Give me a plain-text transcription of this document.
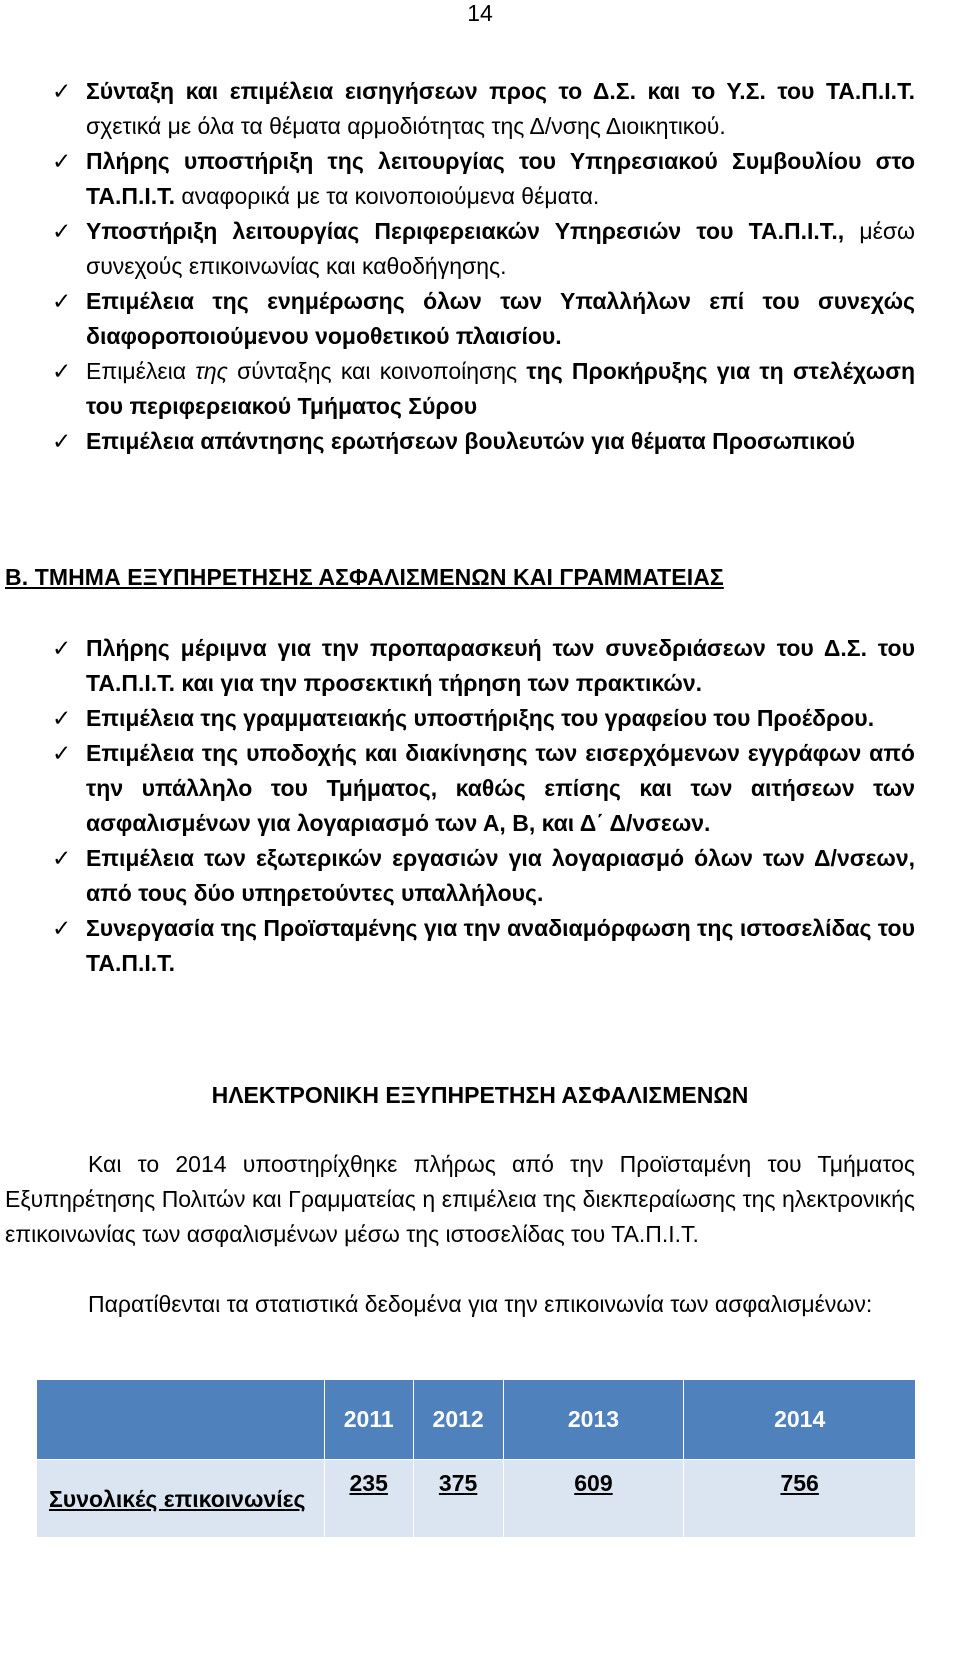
14
✓ Σύνταξη και επιμέλεια εισηγήσεων προς το Δ.Σ. και το Υ.Σ. του ΤΑ.Π.Ι.Τ. σχετικά με όλα τα θέματα αρμοδιότητας της Δ/νσης Διοικητικού.
✓ Πλήρης υποστήριξη της λειτουργίας του Υπηρεσιακού Συμβουλίου στο ΤΑ.Π.Ι.Τ. αναφορικά με τα κοινοποιούμενα θέματα.
✓ Υποστήριξη λειτουργίας Περιφερειακών Υπηρεσιών του ΤΑ.Π.Ι.Τ., μέσω συνεχούς επικοινωνίας και καθοδήγησης.
✓ Επιμέλεια της ενημέρωσης όλων των Υπαλλήλων επί του συνεχώς διαφοροποιούμενου νομοθετικού πλαισίου.
✓ Επιμέλεια της σύνταξης και κοινοποίησης της Προκήρυξης για τη στελέχωση του περιφερειακού Τμήματος Σύρου
✓ Επιμέλεια απάντησης ερωτήσεων βουλευτών για θέματα Προσωπικού
Β. ΤΜΗΜΑ ΕΞΥΠΗΡΕΤΗΣΗΣ ΑΣΦΑΛΙΣΜΕΝΩΝ ΚΑΙ ΓΡΑΜΜΑΤΕΙΑΣ
✓ Πλήρης μέριμνα για την προπαρασκευή των συνεδριάσεων του Δ.Σ. του ΤΑ.Π.Ι.Τ. και για την προσεκτική τήρηση των πρακτικών.
✓ Επιμέλεια της γραμματειακής υποστήριξης του γραφείου του Προέδρου.
✓ Επιμέλεια της υποδοχής και διακίνησης των εισερχόμενων εγγράφων από την υπάλληλο του Τμήματος, καθώς επίσης και των αιτήσεων των ασφαλισμένων για λογαριασμό των Α, Β, και Δ΄ Δ/νσεων.
✓ Επιμέλεια των εξωτερικών εργασιών για λογαριασμό όλων των Δ/νσεων, από τους δύο υπηρετούντες υπαλλήλους.
✓ Συνεργασία της Προϊσταμένης για την αναδιαμόρφωση της ιστοσελίδας του ΤΑ.Π.Ι.Τ.
ΗΛΕΚΤΡΟΝΙΚΗ ΕΞΥΠΗΡΕΤΗΣΗ ΑΣΦΑΛΙΣΜΕΝΩΝ
Και το 2014 υποστηρίχθηκε πλήρως από την Προϊσταμένη του Τμήματος Εξυπηρέτησης Πολιτών και Γραμματείας η επιμέλεια της διεκπεραίωσης της ηλεκτρονικής επικοινωνίας των ασφαλισμένων μέσω της ιστοσελίδας του ΤΑ.Π.Ι.Τ.
Παρατίθενται τα στατιστικά δεδομένα για την επικοινωνία των ασφαλισμένων:
	2011	2012	2013	2014
Συνολικές επικοινωνίες	235	375	609	756
